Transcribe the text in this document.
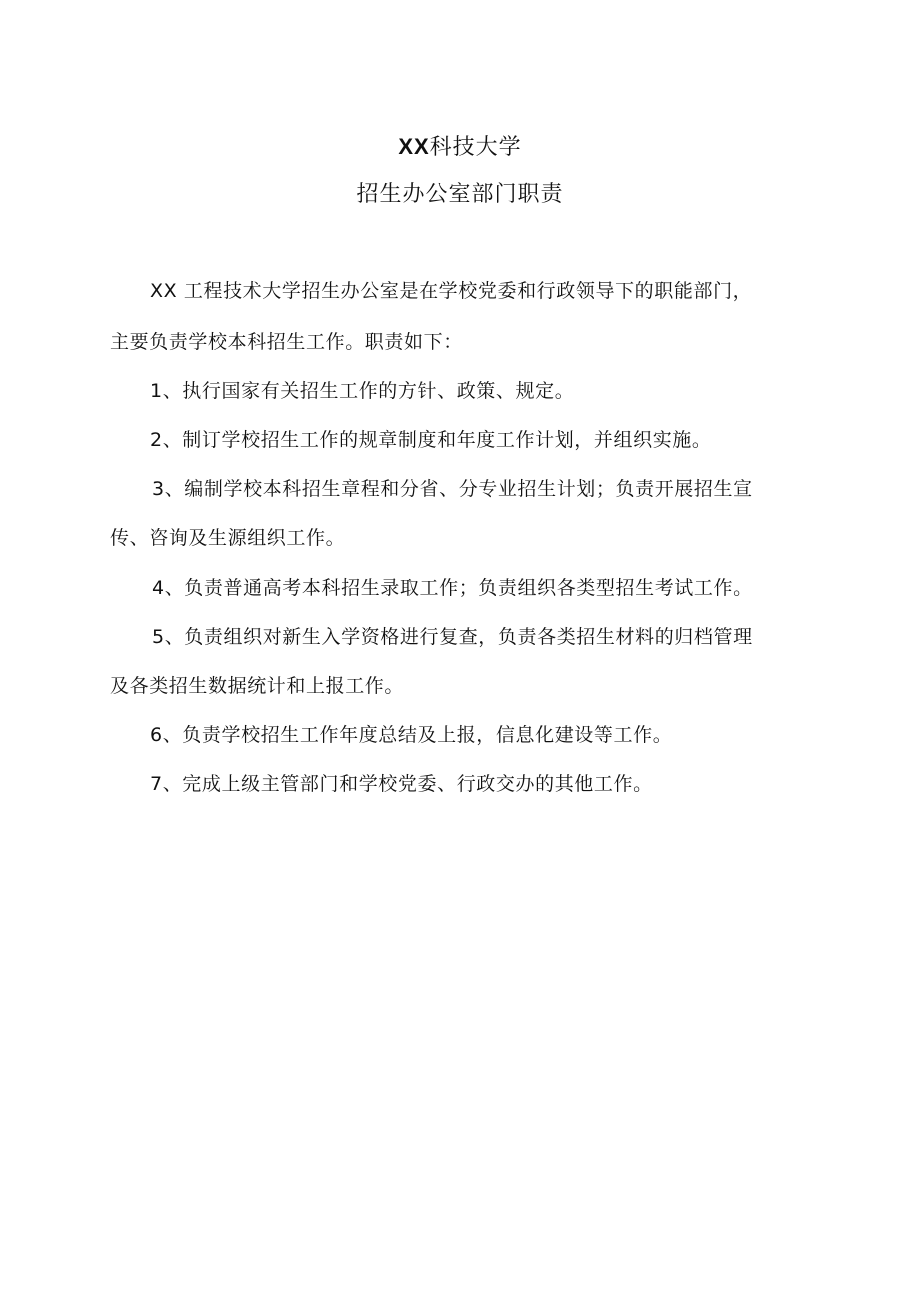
XX科技大学
招生办公室部门职责
XX 工程技术大学招生办公室是在学校党委和行政领导下的职能部门，
主要负责学校本科招生工作。职责如下：
1、执行国家有关招生工作的方针、政策、规定。
2、制订学校招生工作的规章制度和年度工作计划，并组织实施。
3、编制学校本科招生章程和分省、分专业招生计划；负责开展招生宣
传、咨询及生源组织工作。
4、负责普通高考本科招生录取工作；负责组织各类型招生考试工作。
5、负责组织对新生入学资格进行复查，负责各类招生材料的归档管理
及各类招生数据统计和上报工作。
6、负责学校招生工作年度总结及上报，信息化建设等工作。
7、完成上级主管部门和学校党委、行政交办的其他工作。
